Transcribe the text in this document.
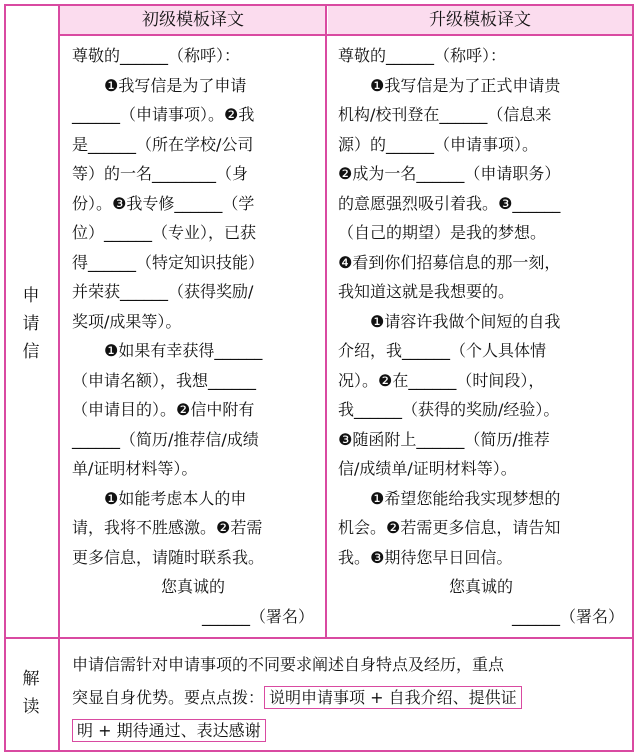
初级模板译文	升级模板译文
申
请
信
解
读

尊敬的______（称呼）：

❶我写信是为了申请

______（申请事项）。❷我

是______（所在学校/公司

等）的一名________（身

份）。❸我专修______（学

位）______（专业），已获

得______（特定知识技能）

并荣获______（获得奖励/

奖项/成果等）。

❶如果有幸获得______

（申请名额），我想______

（申请目的）。❷信中附有

______（简历/推荐信/成绩

单/证明材料等）。

❶如能考虑本人的申

请，我将不胜感激。❷若需

更多信息，请随时联系我。

您真诚的

______（署名）

尊敬的______（称呼）：

❶我写信是为了正式申请贵

机构/校刊登在______（信息来

源）的______（申请事项）。

❷成为一名______（申请职务）

的意愿强烈吸引着我。❸______

（自己的期望）是我的梦想。

❹看到你们招募信息的那一刻，

我知道这就是我想要的。

❶请容许我做个间短的自我

介绍，我______（个人具体情

况）。❷在______（时间段），

我______（获得的奖励/经验）。

❸随函附上______（简历/推荐

信/成绩单/证明材料等）。

❶希望您能给我实现梦想的

机会。❷若需更多信息，请告知

我。❸期待您早日回信。

您真诚的

______（署名）

申请信需针对申请事项的不同要求阐述自身特点及经历，重点
突显自身优势。要点点拨： 说明申请事项 + 自我介绍、提供证
明 + 期待通过、表达感谢
